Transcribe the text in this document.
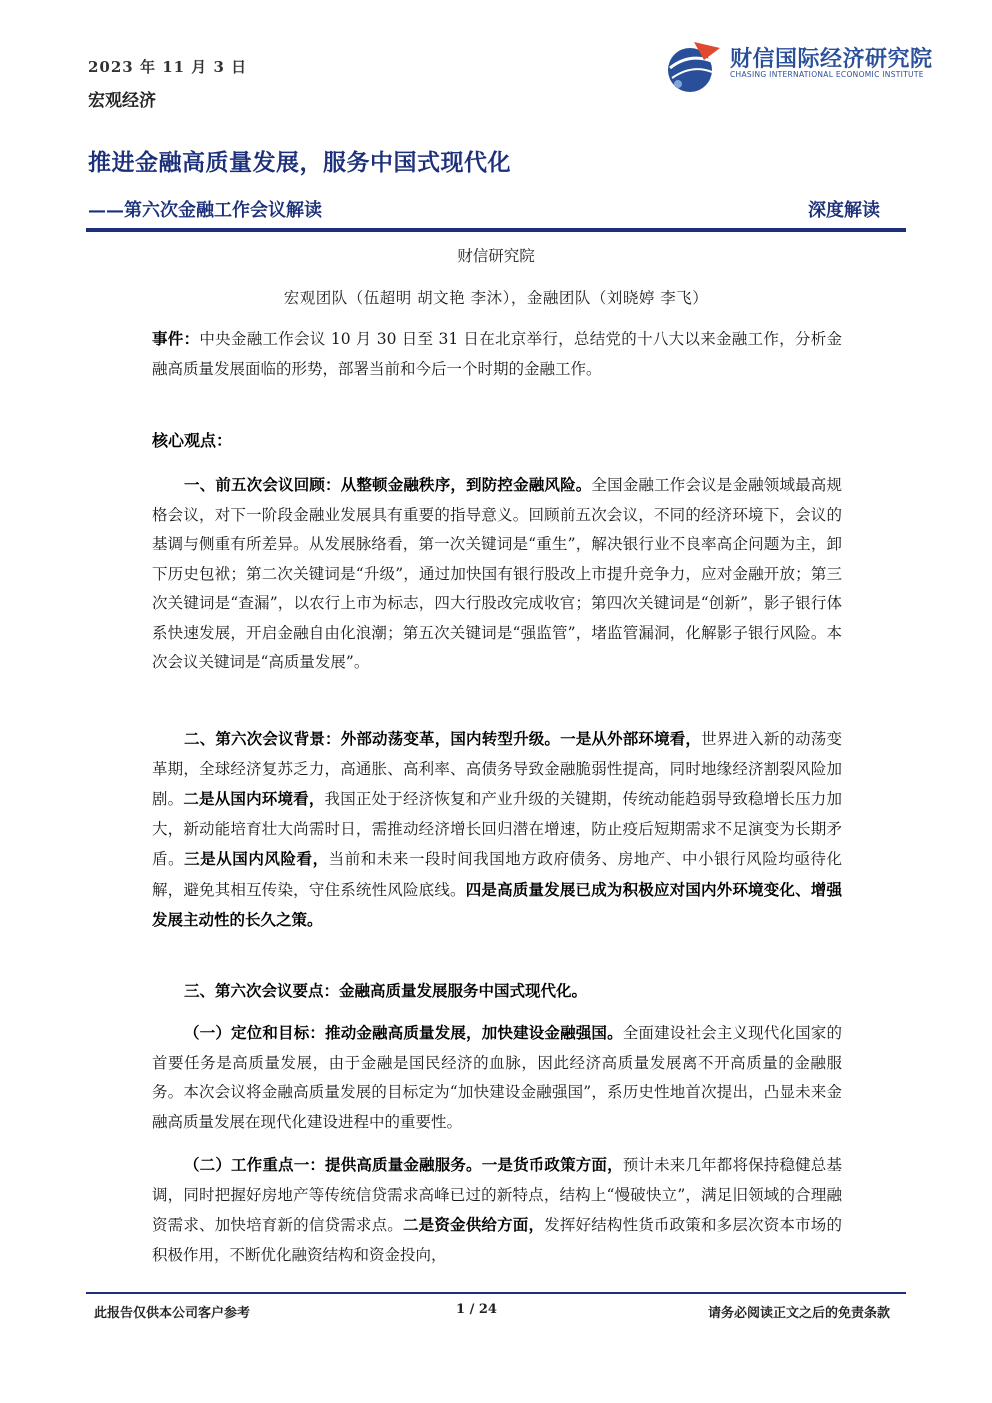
2023 年 11 月 3 日
宏观经济
财信国际经济研究院
CHASING INTERNATIONAL ECONOMIC INSTITUTE
推进金融高质量发展，服务中国式现代化
——第六次金融工作会议解读	深度解读
财信研究院
宏观团队（伍超明 胡文艳 李沐），金融团队（刘晓婷 李飞）
事件：中央金融工作会议 10 月 30 日至 31 日在北京举行，总结党的十八大以来金融工作，分析金融高质量发展面临的形势，部署当前和今后一个时期的金融工作。
核心观点：
一、前五次会议回顾：从整顿金融秩序，到防控金融风险。全国金融工作会议是金融领域最高规格会议，对下一阶段金融业发展具有重要的指导意义。回顾前五次会议，不同的经济环境下，会议的基调与侧重有所差异。从发展脉络看，第一次关键词是“重生”，解决银行业不良率高企问题为主，卸下历史包袱；第二次关键词是“升级”，通过加快国有银行股改上市提升竞争力，应对金融开放；第三次关键词是“查漏”，以农行上市为标志，四大行股改完成收官；第四次关键词是“创新”，影子银行体系快速发展，开启金融自由化浪潮；第五次关键词是“强监管”，堵监管漏洞，化解影子银行风险。本次会议关键词是“高质量发展”。
二、第六次会议背景：外部动荡变革，国内转型升级。一是从外部环境看，世界进入新的动荡变革期，全球经济复苏乏力，高通胀、高利率、高债务导致金融脆弱性提高，同时地缘经济割裂风险加剧。二是从国内环境看，我国正处于经济恢复和产业升级的关键期，传统动能趋弱导致稳增长压力加大，新动能培育壮大尚需时日，需推动经济增长回归潜在增速，防止疫后短期需求不足演变为长期矛盾。三是从国内风险看，当前和未来一段时间我国地方政府债务、房地产、中小银行风险均亟待化解，避免其相互传染，守住系统性风险底线。四是高质量发展已成为积极应对国内外环境变化、增强发展主动性的长久之策。
三、第六次会议要点：金融高质量发展服务中国式现代化。
（一）定位和目标：推动金融高质量发展，加快建设金融强国。全面建设社会主义现代化国家的首要任务是高质量发展，由于金融是国民经济的血脉，因此经济高质量发展离不开高质量的金融服务。本次会议将金融高质量发展的目标定为“加快建设金融强国”，系历史性地首次提出，凸显未来金融高质量发展在现代化建设进程中的重要性。
（二）工作重点一：提供高质量金融服务。一是货币政策方面，预计未来几年都将保持稳健总基调，同时把握好房地产等传统信贷需求高峰已过的新特点，结构上“慢破快立”，满足旧领域的合理融资需求、加快培育新的信贷需求点。二是资金供给方面，发挥好结构性货币政策和多层次资本市场的积极作用，不断优化融资结构和资金投向，
此报告仅供本公司客户参考	1 / 24	请务必阅读正文之后的免责条款
